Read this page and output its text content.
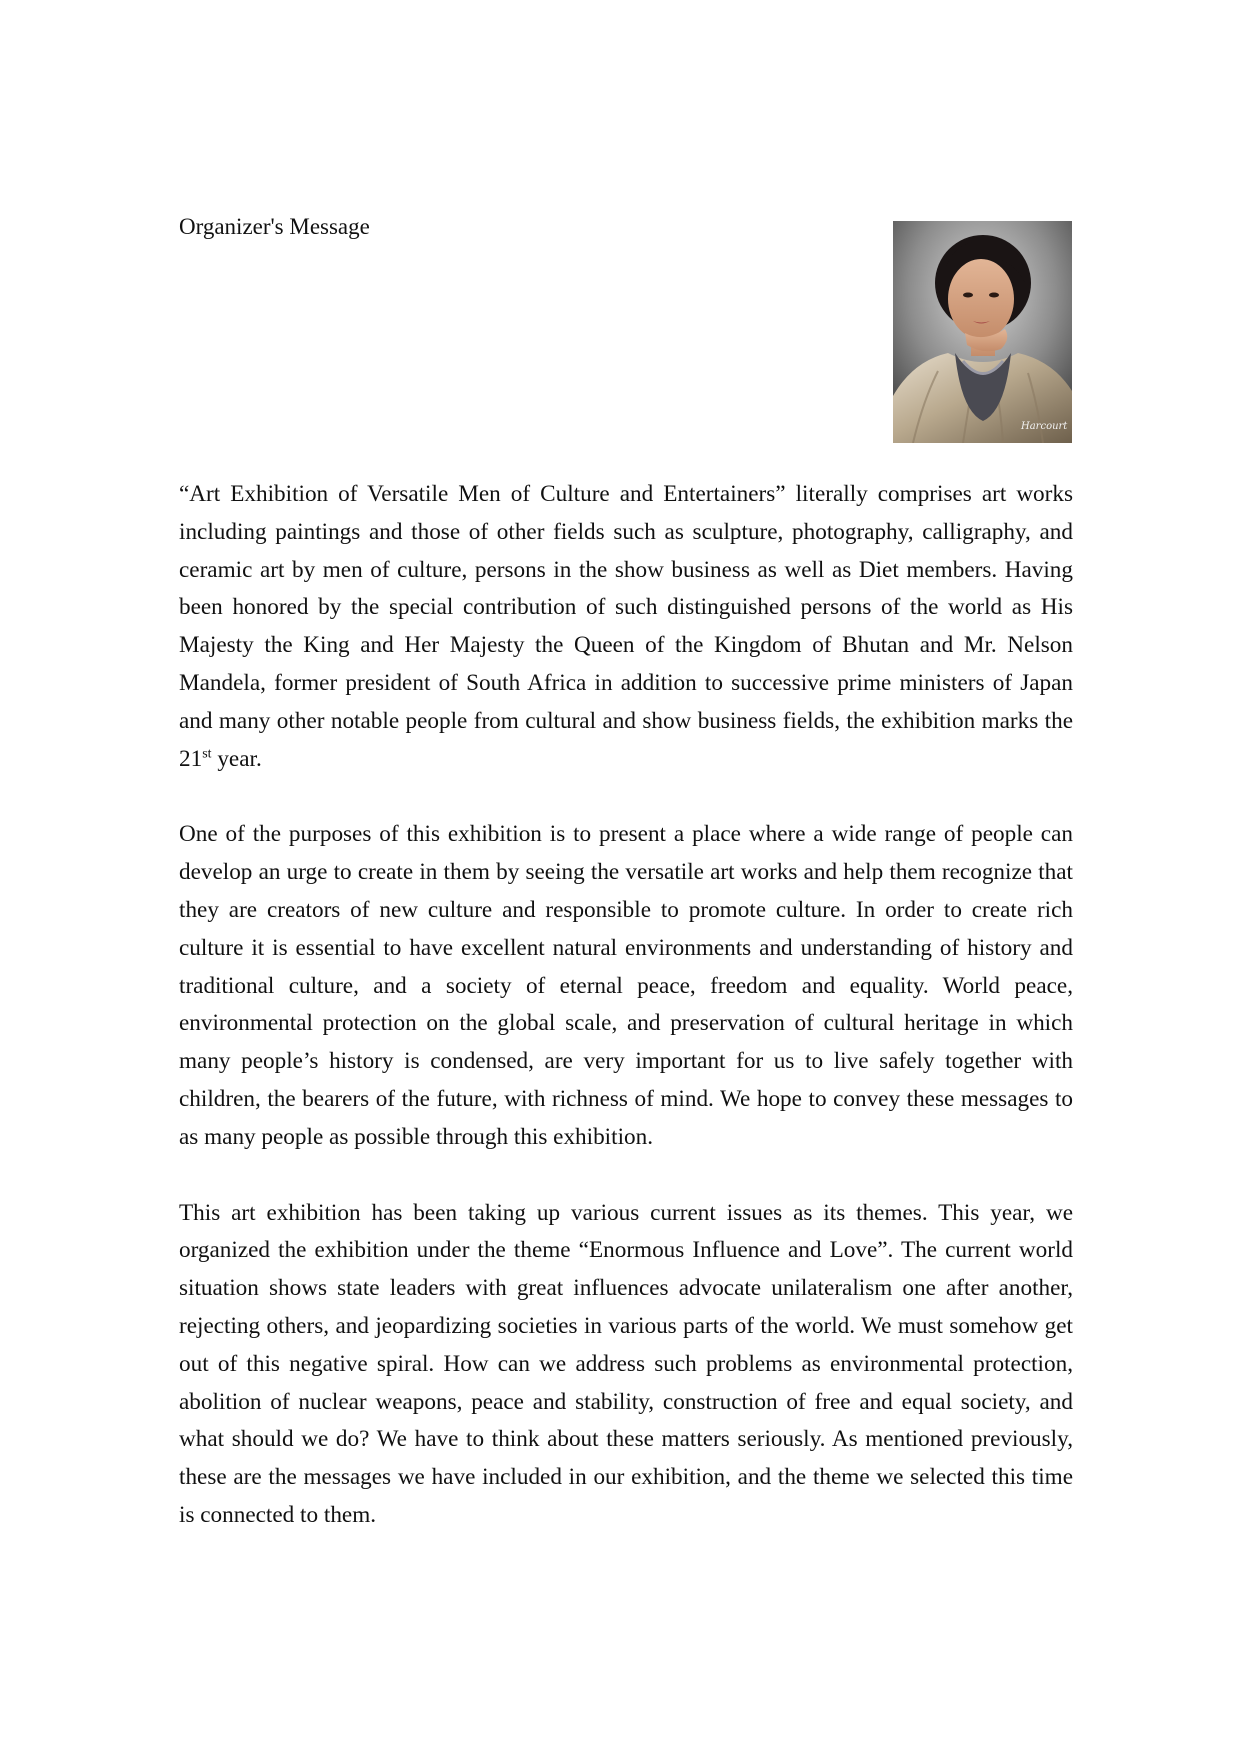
Organizer's Message
Harcourt

“Art Exhibition of Versatile Men of Culture and Entertainers” literally comprises art works including paintings and those of other fields such as sculpture, photography, calligraphy, and ceramic art by men of culture, persons in the show business as well as Diet members. Having been honored by the special contribution of such distinguished persons of the world as His Majesty the King and Her Majesty the Queen of the Kingdom of Bhutan and Mr. Nelson Mandela, former president of South Africa in addition to successive prime ministers of Japan and many other notable people from cultural and show business fields, the exhibition marks the 21st year.

One of the purposes of this exhibition is to present a place where a wide range of people can develop an urge to create in them by seeing the versatile art works and help them recognize that they are creators of new culture and responsible to promote culture. In order to create rich culture it is essential to have excellent natural environments and understanding of history and traditional culture, and a society of eternal peace, freedom and equality. World peace, environmental protection on the global scale, and preservation of cultural heritage in which many people’s history is condensed, are very important for us to live safely together with children, the bearers of the future, with richness of mind. We hope to convey these messages to as many people as possible through this exhibition.

This art exhibition has been taking up various current issues as its themes. This year, we organized the exhibition under the theme “Enormous Influence and Love”. The current world situation shows state leaders with great influences advocate unilateralism one after another, rejecting others, and jeopardizing societies in various parts of the world. We must somehow get out of this negative spiral. How can we address such problems as environmental protection, abolition of nuclear weapons, peace and stability, construction of free and equal society, and what should we do? We have to think about these matters seriously. As mentioned previously, these are the messages we have included in our exhibition, and the theme we selected this time is connected to them.
